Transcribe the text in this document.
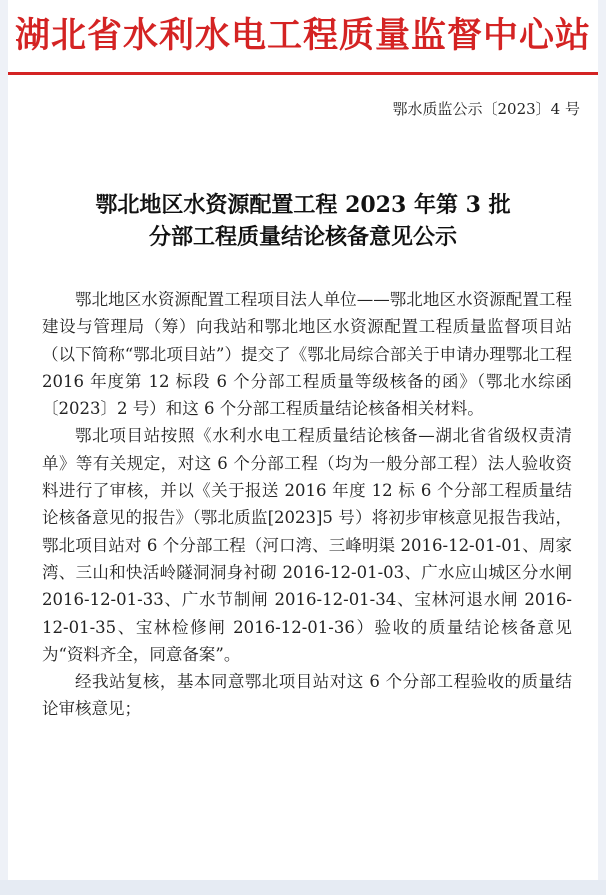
湖北省水利水电工程质量监督中心站
鄂水质监公示〔2023〕4 号
鄂北地区水资源配置工程 2023 年第 3 批
分部工程质量结论核备意见公示

鄂北地区水资源配置工程项目法人单位——鄂北地区水资源配置工程建设与管理局（筹）向我站和鄂北地区水资源配置工程质量监督项目站（以下简称“鄂北项目站”）提交了《鄂北局综合部关于申请办理鄂北工程 2016 年度第 12 标段 6 个分部工程质量等级核备的函》（鄂北水综函〔2023〕2 号）和这 6 个分部工程质量结论核备相关材料。

鄂北项目站按照《水利水电工程质量结论核备—湖北省省级权责清单》等有关规定，对这 6 个分部工程（均为一般分部工程）法人验收资料进行了审核，并以《关于报送 2016 年度 12 标 6 个分部工程质量结论核备意见的报告》（鄂北质监[2023]5 号）将初步审核意见报告我站，鄂北项目站对 6 个分部工程（河口湾、三峰明渠 2016-12-01-01、周家湾、三山和快活岭隧洞洞身衬砌 2016-12-01-03、广水应山城区分水闸 2016-12-01-33、广水节制闸 2016-12-01-34、宝林河退水闸 2016-12-01-35、宝林检修闸 2016-12-01-36）验收的质量结论核备意见为“资料齐全，同意备案”。

经我站复核，基本同意鄂北项目站对这 6 个分部工程验收的质量结论审核意见；
